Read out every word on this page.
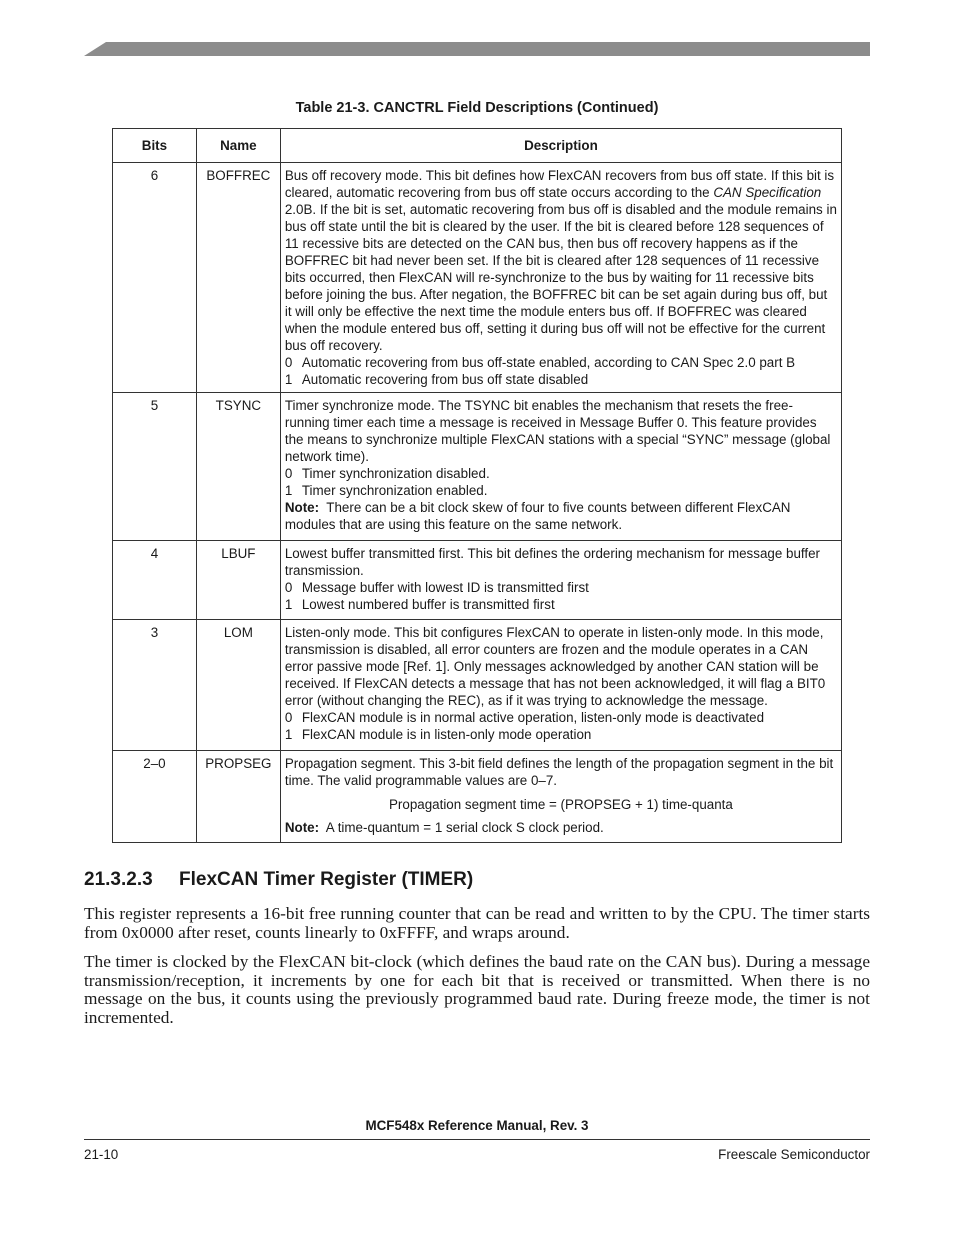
Table 21-3. CANCTRL Field Descriptions (Continued)
Bits	Name	Description
6	BOFFREC	Bus off recovery mode. This bit defines how FlexCAN recovers from bus off state. If this bit is cleared, automatic recovering from bus off state occurs according to the CAN Specification 2.0B. If the bit is set, automatic recovering from bus off is disabled and the module remains in bus off state until the bit is cleared by the user. If the bit is cleared before 128 sequences of 11 recessive bits are detected on the CAN bus, then bus off recovery happens as if the BOFFREC bit had never been set. If the bit is cleared after 128 sequences of 11 recessive bits occurred, then FlexCAN will re-synchronize to the bus by waiting for 11 recessive bits before joining the bus. After negation, the BOFFREC bit can be set again during bus off, but it will only be effective the next time the module enters bus off. If BOFFREC was cleared when the module entered bus off, setting it during bus off will not be effective for the current bus off recovery.
0 Automatic recovering from bus off-state enabled, according to CAN Spec 2.0 part B
1 Automatic recovering from bus off state disabled

5	TSYNC	Timer synchronize mode. The TSYNC bit enables the mechanism that resets the free-running timer each time a message is received in Message Buffer 0. This feature provides the means to synchronize multiple FlexCAN stations with a special “SYNC” message (global network time).
0 Timer synchronization disabled.
1 Timer synchronization enabled.
Note: There can be a bit clock skew of four to five counts between different FlexCAN modules that are using this feature on the same network.

4	LBUF	Lowest buffer transmitted first. This bit defines the ordering mechanism for message buffer transmission.
0 Message buffer with lowest ID is transmitted first
1 Lowest numbered buffer is transmitted first

3	LOM	Listen-only mode. This bit configures FlexCAN to operate in listen-only mode. In this mode, transmission is disabled, all error counters are frozen and the module operates in a CAN error passive mode [Ref. 1]. Only messages acknowledged by another CAN station will be received. If FlexCAN detects a message that has not been acknowledged, it will flag a BIT0 error (without changing the REC), as if it was trying to acknowledge the message.
0 FlexCAN module is in normal active operation, listen-only mode is deactivated
1 FlexCAN module is in listen-only mode operation

2–0	PROPSEG	Propagation segment. This 3-bit field defines the length of the propagation segment in the bit time. The valid programmable values are 0–7.
Propagation segment time = (PROPSEG + 1) time-quanta
Note: A time-quantum = 1 serial clock S clock period.
21.3.2.3 FlexCAN Timer Register (TIMER)

This register represents a 16-bit free running counter that can be read and written to by the CPU. The timer starts from 0x0000 after reset, counts linearly to 0xFFFF, and wraps around.

The timer is clocked by the FlexCAN bit-clock (which defines the baud rate on the CAN bus). During a message transmission/reception, it increments by one for each bit that is received or transmitted. When there is no message on the bus, it counts using the previously programmed baud rate. During freeze mode, the timer is not incremented.

MCF548x Reference Manual, Rev. 3
21-10	Freescale Semiconductor
